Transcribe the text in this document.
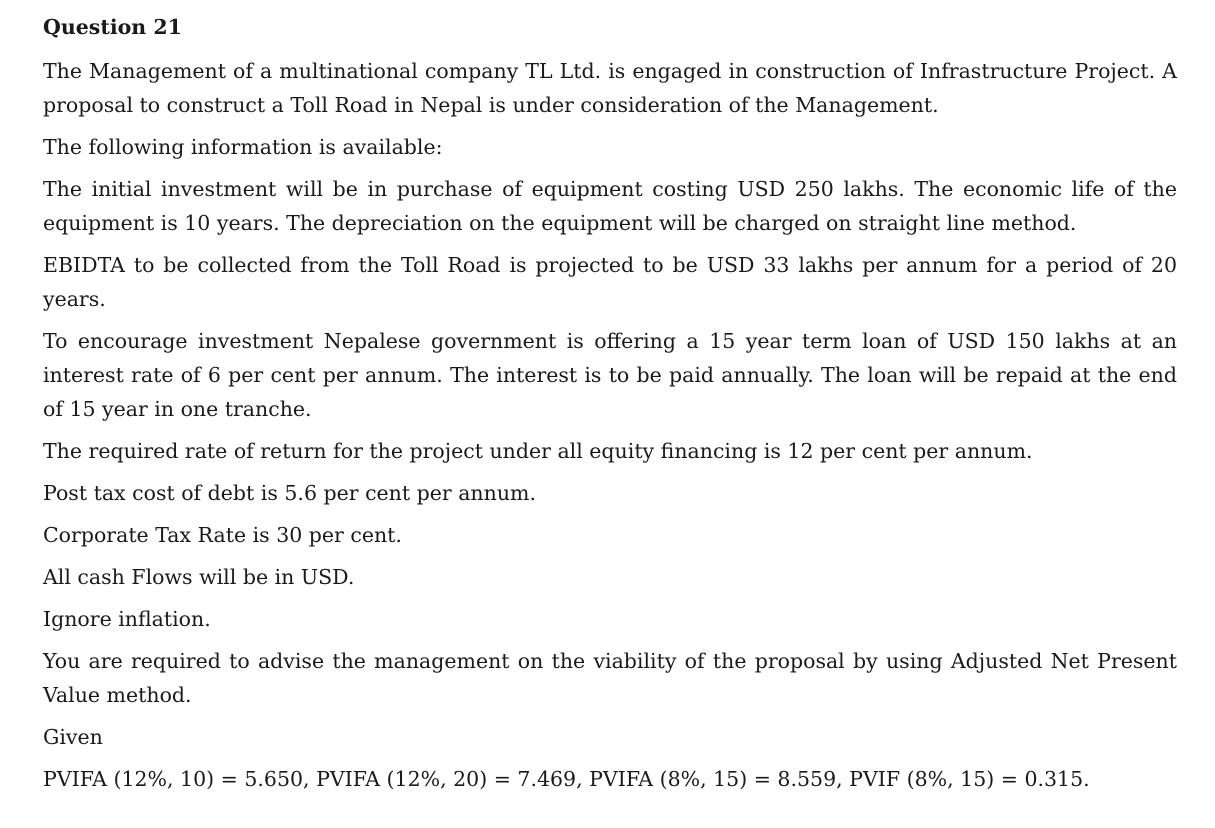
Question 21

The Management of a multinational company TL Ltd. is engaged in construction of Infrastructure Project. A proposal to construct a Toll Road in Nepal is under consideration of the Management.

The following information is available:

The initial investment will be in purchase of equipment costing USD 250 lakhs. The economic life of the equipment is 10 years. The depreciation on the equipment will be charged on straight line method.

EBIDTA to be collected from the Toll Road is projected to be USD 33 lakhs per annum for a period of 20 years.

To encourage investment Nepalese government is offering a 15 year term loan of USD 150 lakhs at an interest rate of 6 per cent per annum. The interest is to be paid annually. The loan will be repaid at the end of 15 year in one tranche.

The required rate of return for the project under all equity financing is 12 per cent per annum.

Post tax cost of debt is 5.6 per cent per annum.

Corporate Tax Rate is 30 per cent.

All cash Flows will be in USD.

Ignore inflation.

You are required to advise the management on the viability of the proposal by using Adjusted Net Present Value method.

Given

PVIFA (12%, 10) = 5.650, PVIFA (12%, 20) = 7.469, PVIFA (8%, 15) = 8.559, PVIF (8%, 15) = 0.315.
